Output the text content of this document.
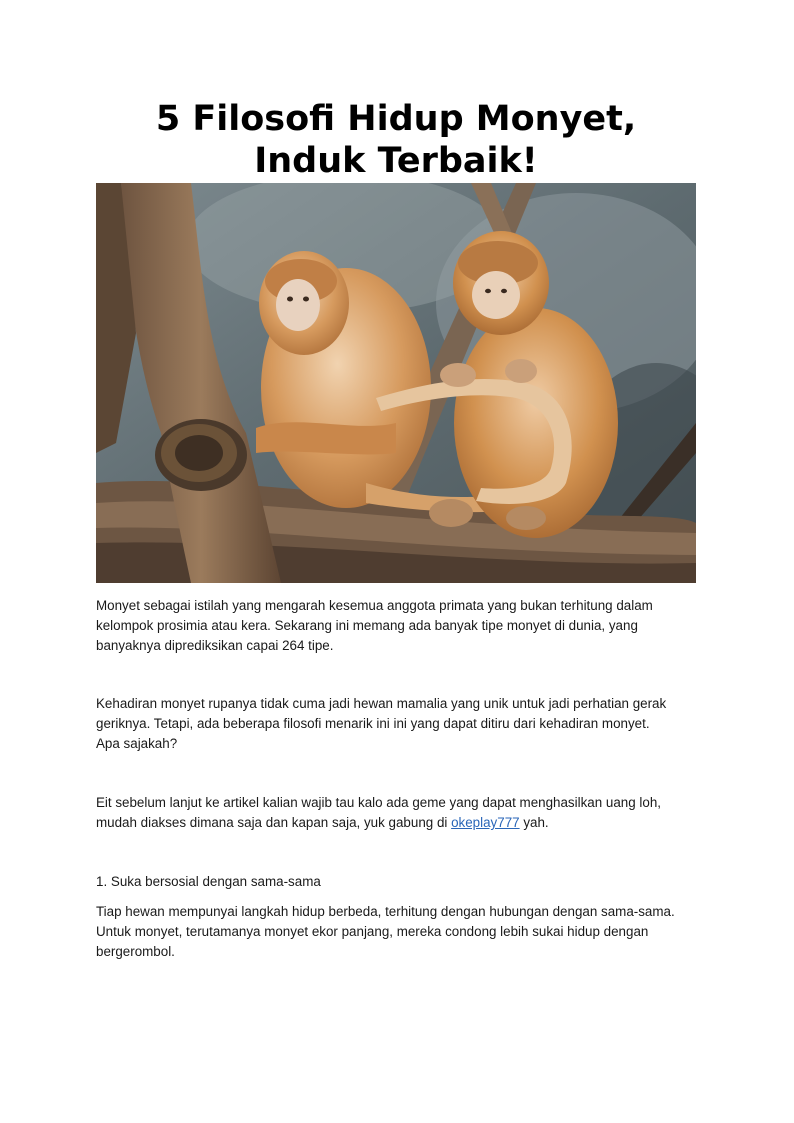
5 Filosofi Hidup Monyet,
Induk Terbaik!

Monyet sebagai istilah yang mengarah kesemua anggota primata yang bukan terhitung dalam
kelompok prosimia atau kera. Sekarang ini memang ada banyak tipe monyet di dunia, yang
banyaknya diprediksikan capai 264 tipe.

Kehadiran monyet rupanya tidak cuma jadi hewan mamalia yang unik untuk jadi perhatian gerak
geriknya. Tetapi, ada beberapa filosofi menarik ini ini yang dapat ditiru dari kehadiran monyet.
Apa sajakah?

Eit sebelum lanjut ke artikel kalian wajib tau kalo ada geme yang dapat menghasilkan uang loh,
mudah diakses dimana saja dan kapan saja, yuk gabung di okeplay777 yah.

1. Suka bersosial dengan sama-sama

Tiap hewan mempunyai langkah hidup berbeda, terhitung dengan hubungan dengan sama-sama.
Untuk monyet, terutamanya monyet ekor panjang, mereka condong lebih sukai hidup dengan
bergerombol.
